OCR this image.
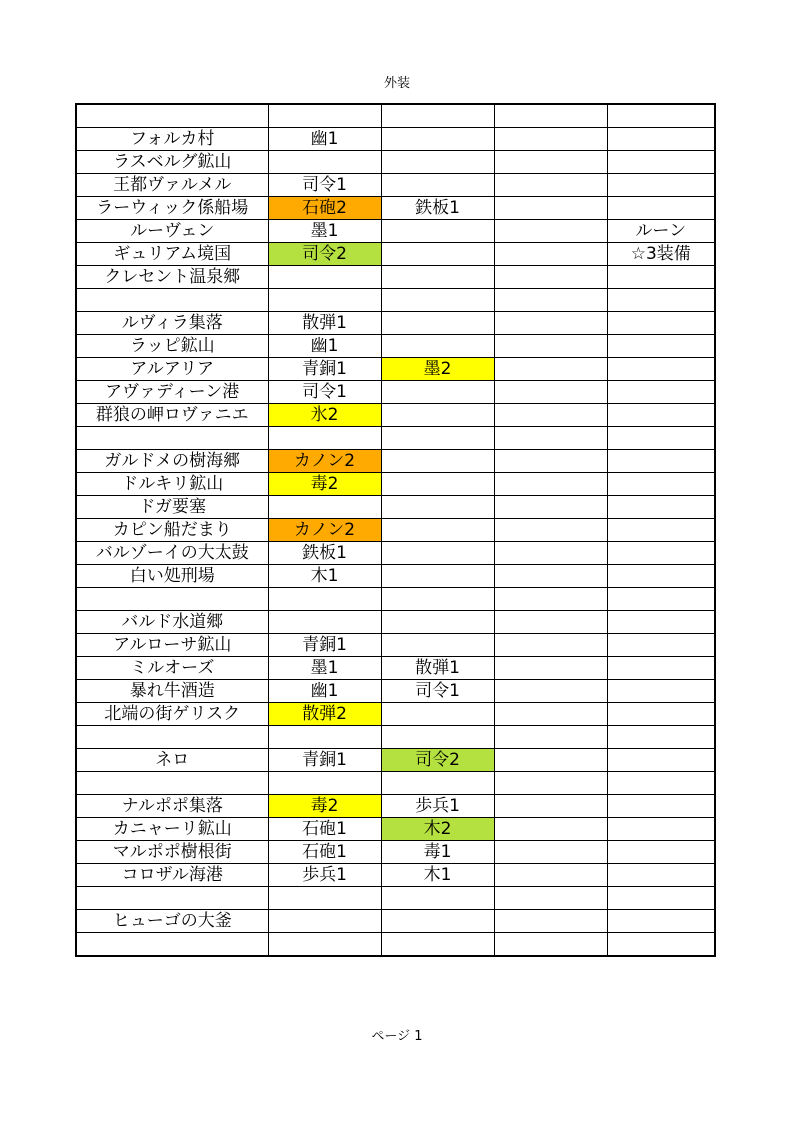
外装

フォルカ村	幽1			
ラスベルグ鉱山				
王都ヴァルメル	司令1			
ラーウィック係船場	石砲2	鉄板1		
ルーヴェン	墨1			ルーン
ギュリアム境国	司令2			☆3装備
クレセント温泉郷				

ルヴィラ集落	散弾1			
ラッピ鉱山	幽1			
アルアリア	青銅1	墨2		
アヴァディーン港	司令1			
群狼の岬ロヴァニエ	氷2			

ガルドメの樹海郷	カノン2			
ドルキリ鉱山	毒2			
ドガ要塞				
カピン船だまり	カノン2			
バルゾーイの大太鼓	鉄板1			
白い処刑場	木1			

バルド水道郷				
アルローサ鉱山	青銅1			
ミルオーズ	墨1	散弾1		
暴れ牛酒造	幽1	司令1		
北端の街ゲリスク	散弾2			

ネロ	青銅1	司令2		

ナルポポ集落	毒2	歩兵1		
カニャーリ鉱山	石砲1	木2		
マルポポ樹根街	石砲1	毒1		
コロザル海港	歩兵1	木1		

ヒューゴの大釜				

ページ 1
